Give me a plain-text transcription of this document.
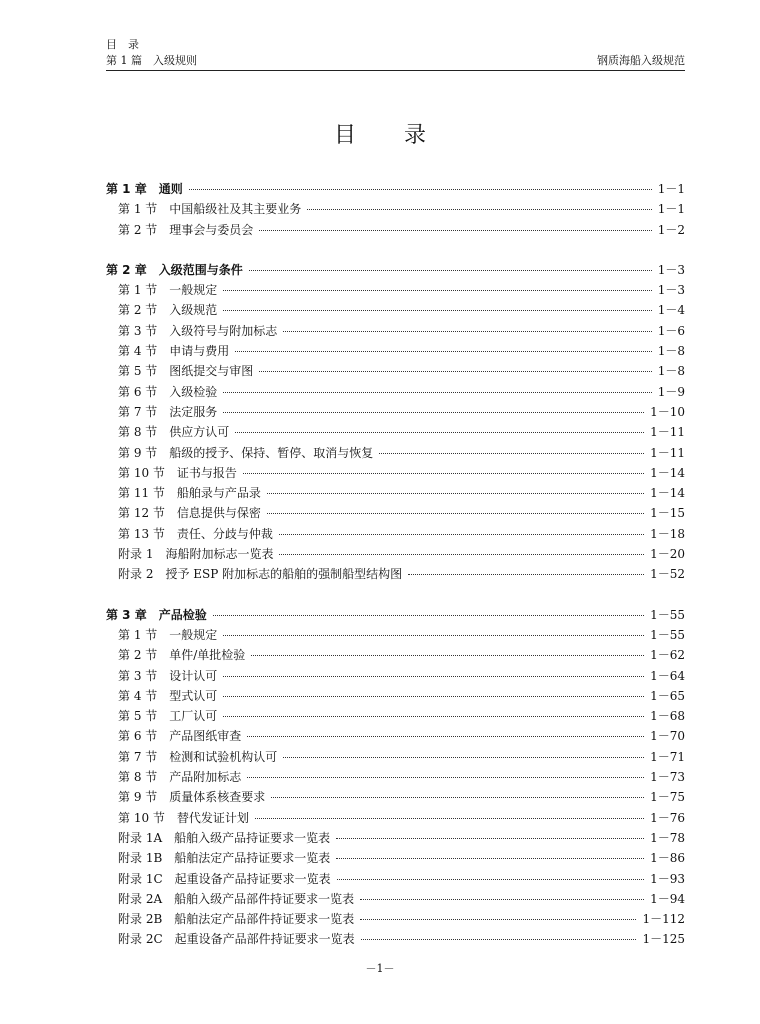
目　录
第 1 篇　入级规则	钢质海船入级规范
目录
第 1 章 通则	1－1
第 1 节 中国船级社及其主要业务	1－1
第 2 节 理事会与委员会	1－2
第 2 章 入级范围与条件	1－3
第 1 节 一般规定	1－3
第 2 节 入级规范	1－4
第 3 节 入级符号与附加标志	1－6
第 4 节 申请与费用	1－8
第 5 节 图纸提交与审图	1－8
第 6 节 入级检验	1－9
第 7 节 法定服务	1－10
第 8 节 供应方认可	1－11
第 9 节 船级的授予、保持、暂停、取消与恢复	1－11
第 10 节 证书与报告	1－14
第 11 节 船舶录与产品录	1－14
第 12 节 信息提供与保密	1－15
第 13 节 责任、分歧与仲裁	1－18
附录 1 海船附加标志一览表	1－20
附录 2 授予 ESP 附加标志的船舶的强制船型结构图	1－52
第 3 章 产品检验	1－55
第 1 节 一般规定	1－55
第 2 节 单件/单批检验	1－62
第 3 节 设计认可	1－64
第 4 节 型式认可	1－65
第 5 节 工厂认可	1－68
第 6 节 产品图纸审查	1－70
第 7 节 检测和试验机构认可	1－71
第 8 节 产品附加标志	1－73
第 9 节 质量体系核查要求	1－75
第 10 节 替代发证计划	1－76
附录 1A 船舶入级产品持证要求一览表	1－78
附录 1B 船舶法定产品持证要求一览表	1－86
附录 1C 起重设备产品持证要求一览表	1－93
附录 2A 船舶入级产品部件持证要求一览表	1－94
附录 2B 船舶法定产品部件持证要求一览表	1－112
附录 2C 起重设备产品部件持证要求一览表	1－125
－1－
